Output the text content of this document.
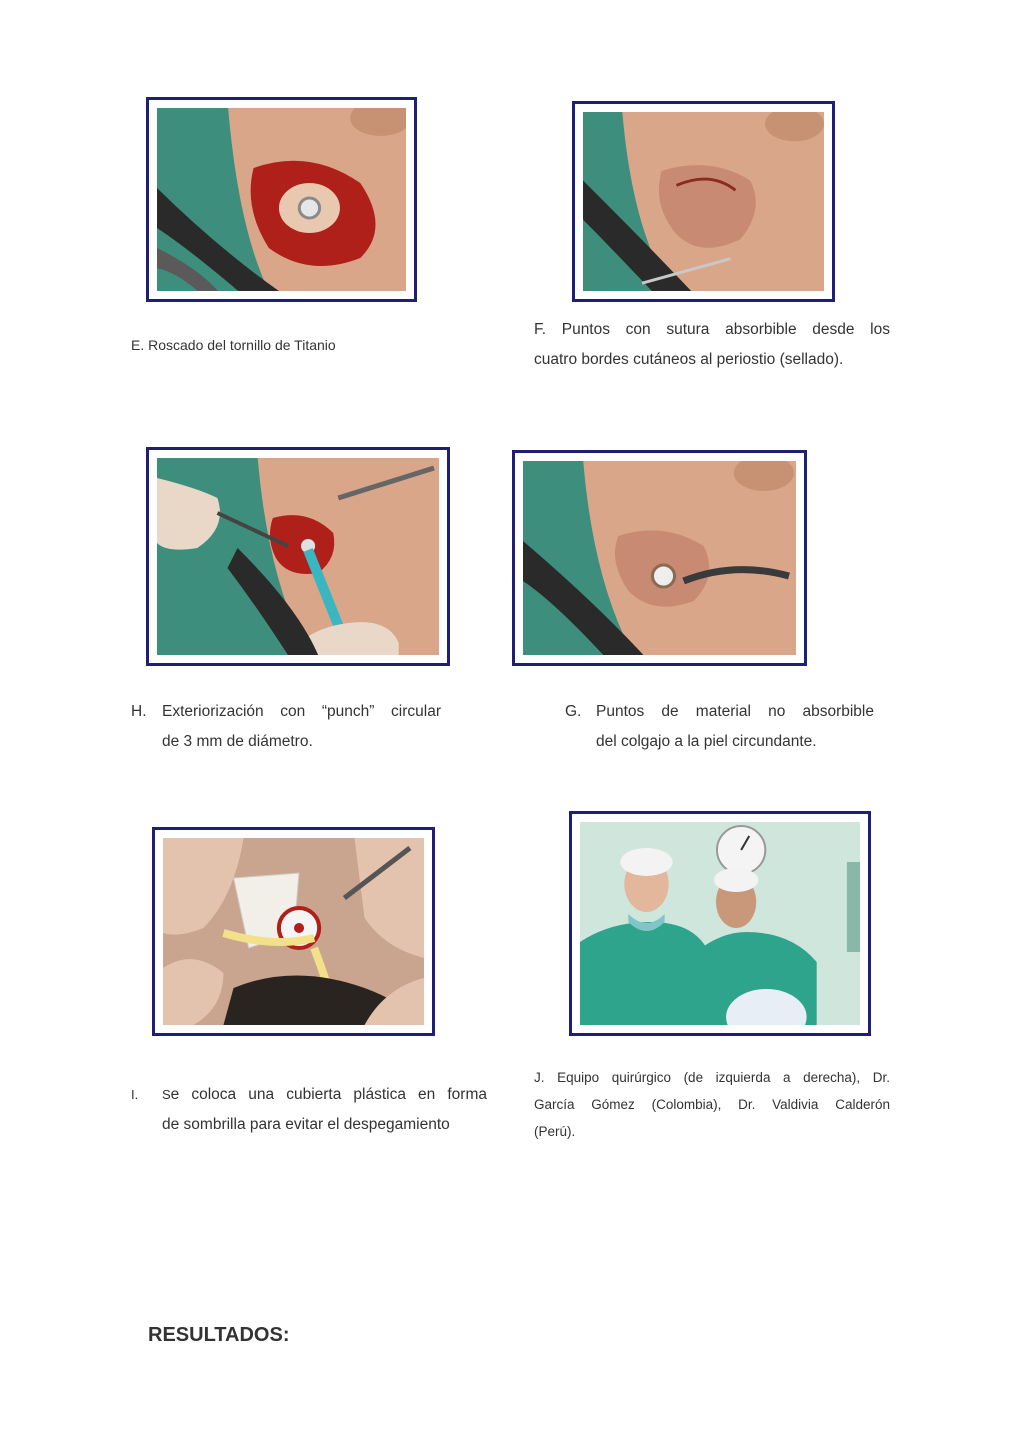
E. Roscado del tornillo de Titanio
F. Puntos con sutura absorbible desde los
cuatro bordes cutáneos al periostio (sellado).
H. Exteriorización con “punch” circular
de 3 mm de diámetro.
G. Puntos de material no absorbible
del colgajo a la piel circundante.
I. Se coloca una cubierta plástica en forma
de sombrilla para evitar el despegamiento
J. Equipo quirúrgico (de izquierda a derecha), Dr.
García Gómez (Colombia), Dr. Valdivia Calderón
(Perú).
RESULTADOS:
